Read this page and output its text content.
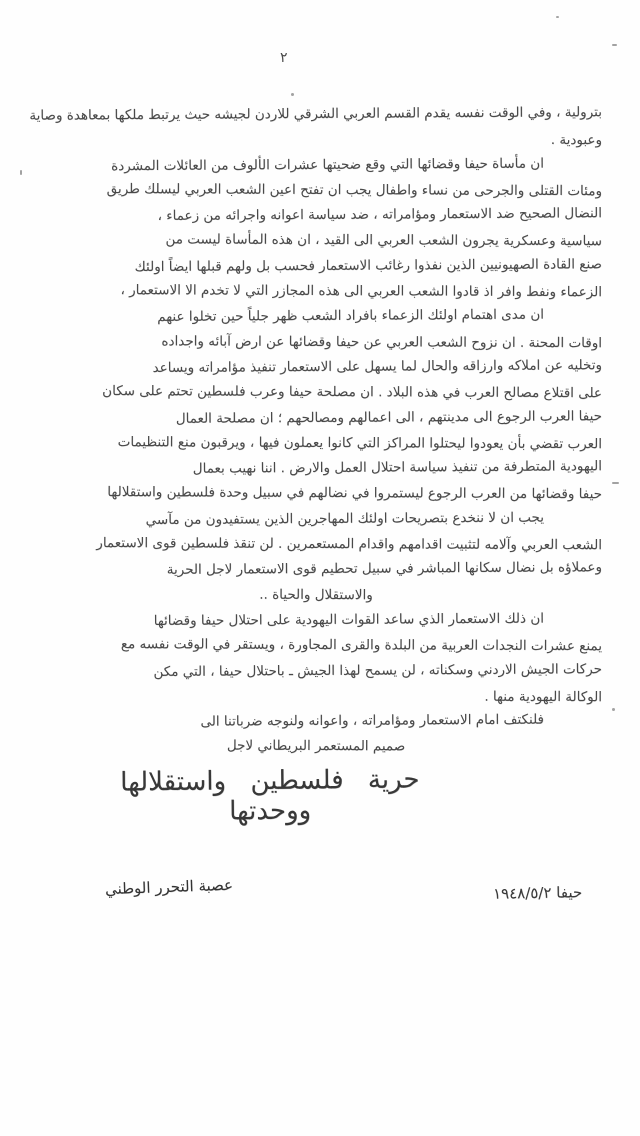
٢
بترولية ، وفي الوقت نفسه يقدم القسم العربي الشرقي للاردن لجيشه حيث يرتبط ملكها بمعاهدة وصاية
وعبودية .
ان مأساة حيفا وقضائها التي وقع ضحيتها عشرات الألوف من العائلات المشردة
ومئات القتلى والجرحى من نساء واطفال يجب ان تفتح اعين الشعب العربي ليسلك طريق
النضال الصحيح ضد الاستعمار ومؤامراته ، ضد سياسة اعوانه واجرائه من زعماء ،
سياسية وعسكرية يجرون الشعب العربي الى القيد ، ان هذه المأساة ليست من
صنع القادة الصهيونيين الذين نفذوا رغائب الاستعمار فحسب بل ولهم قبلها ايضاً اولئك
الزعماء ونفط وافر اذ قادوا الشعب العربي الى هذه المجازر التي لا تخدم الا الاستعمار ،
ان مدى اهتمام اولئك الزعماء بافراد الشعب ظهر جلياً حين تخلوا عنهم
اوقات المحنة . ان نزوح الشعب العربي عن حيفا وقضائها عن ارض آبائه واجداده
وتخليه عن املاكه وارزاقه والحال لما يسهل على الاستعمار تنفيذ مؤامراته ويساعد
على اقتلاع مصالح العرب في هذه البلاد . ان مصلحة حيفا وعرب فلسطين تحتم على سكان
حيفا العرب الرجوع الى مدينتهم ، الى اعمالهم ومصالحهم ؛ ان مصلحة العمال
العرب تقضي بأن يعودوا ليحتلوا المراكز التي كانوا يعملون فيها ، ويرقبون منع التنظيمات
اليهودية المتطرفة من تنفيذ سياسة احتلال العمل والارض . اننا نهيب بعمال
حيفا وقضائها من العرب الرجوع ليستمروا في نضالهم في سبيل وحدة فلسطين واستقلالها
يجب ان لا ننخدع بتصريحات اولئك المهاجرين الذين يستفيدون من مآسي
الشعب العربي وآلامه لتثبيت اقدامهم واقدام المستعمرين . لن تنقذ فلسطين قوى الاستعمار
وعملاؤه بل نضال سكانها المباشر في سبيل تحطيم قوى الاستعمار لاجل الحرية
والاستقلال والحياة ..
ان ذلك الاستعمار الذي ساعد القوات اليهودية على احتلال حيفا وقضائها
يمنع عشرات النجدات العربية من البلدة والقرى المجاورة ، ويستقر في الوقت نفسه مع
حركات الجيش الاردني وسكناته ، لن يسمح لهذا الجيش ـ باحتلال حيفا ، التي مكن
الوكالة اليهودية منها .
فلنكتف امام الاستعمار ومؤامراته ، واعوانه ولنوجه ضرباتنا الى
صميم المستعمر البريطاني لاجل
حرية فلسطين واستقلالها ووحدتها
حيفا ١٩٤٨/٥/٢
عصبة التحرر الوطني
